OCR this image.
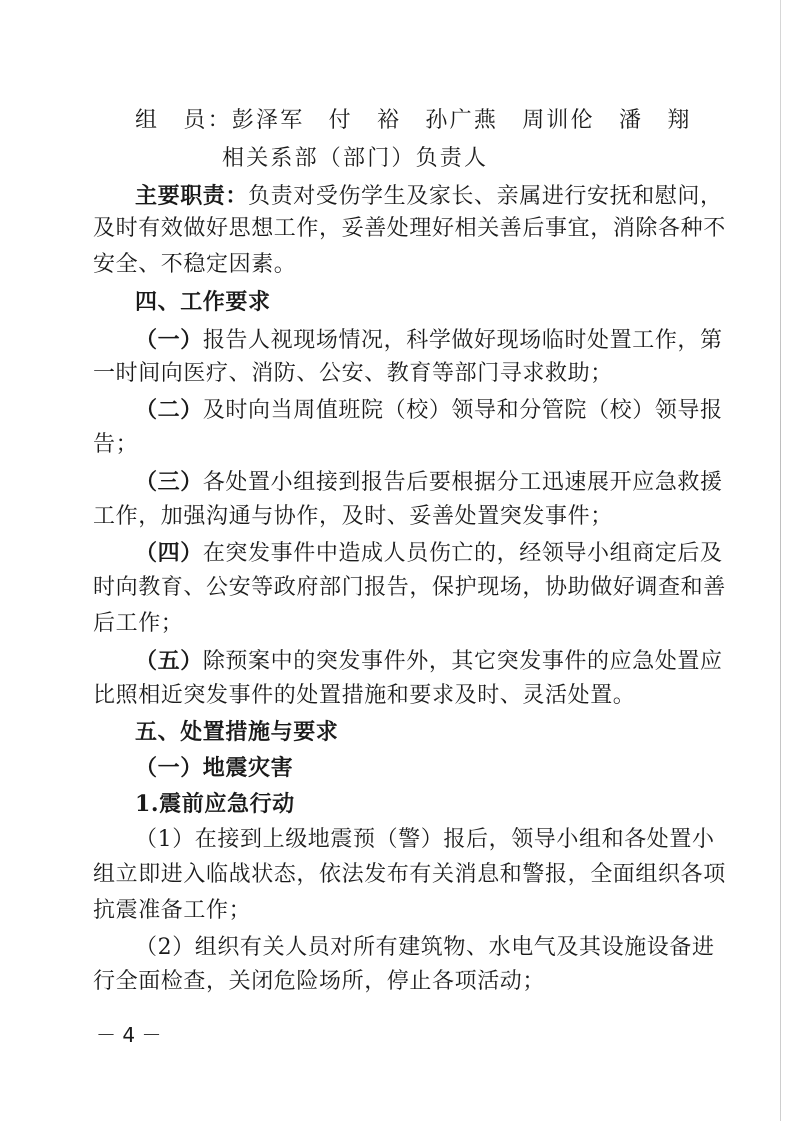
组　员：彭泽军　付　裕　孙广燕　周训伦　潘　翔
相关系部（部门）负责人
主要职责：负责对受伤学生及家长、亲属进行安抚和慰问，
及时有效做好思想工作，妥善处理好相关善后事宜，消除各种不
安全、不稳定因素。
四、工作要求
（一）报告人视现场情况，科学做好现场临时处置工作，第
一时间向医疗、消防、公安、教育等部门寻求救助；
（二）及时向当周值班院（校）领导和分管院（校）领导报
告；
（三）各处置小组接到报告后要根据分工迅速展开应急救援
工作，加强沟通与协作，及时、妥善处置突发事件；
（四）在突发事件中造成人员伤亡的，经领导小组商定后及
时向教育、公安等政府部门报告，保护现场，协助做好调查和善
后工作；
（五）除预案中的突发事件外，其它突发事件的应急处置应
比照相近突发事件的处置措施和要求及时、灵活处置。
五、处置措施与要求
（一）地震灾害
1.震前应急行动
（1）在接到上级地震预（警）报后，领导小组和各处置小
组立即进入临战状态，依法发布有关消息和警报，全面组织各项
抗震准备工作；
（2）组织有关人员对所有建筑物、水电气及其设施设备进
行全面检查，关闭危险场所，停止各项活动；
－ 4 －
